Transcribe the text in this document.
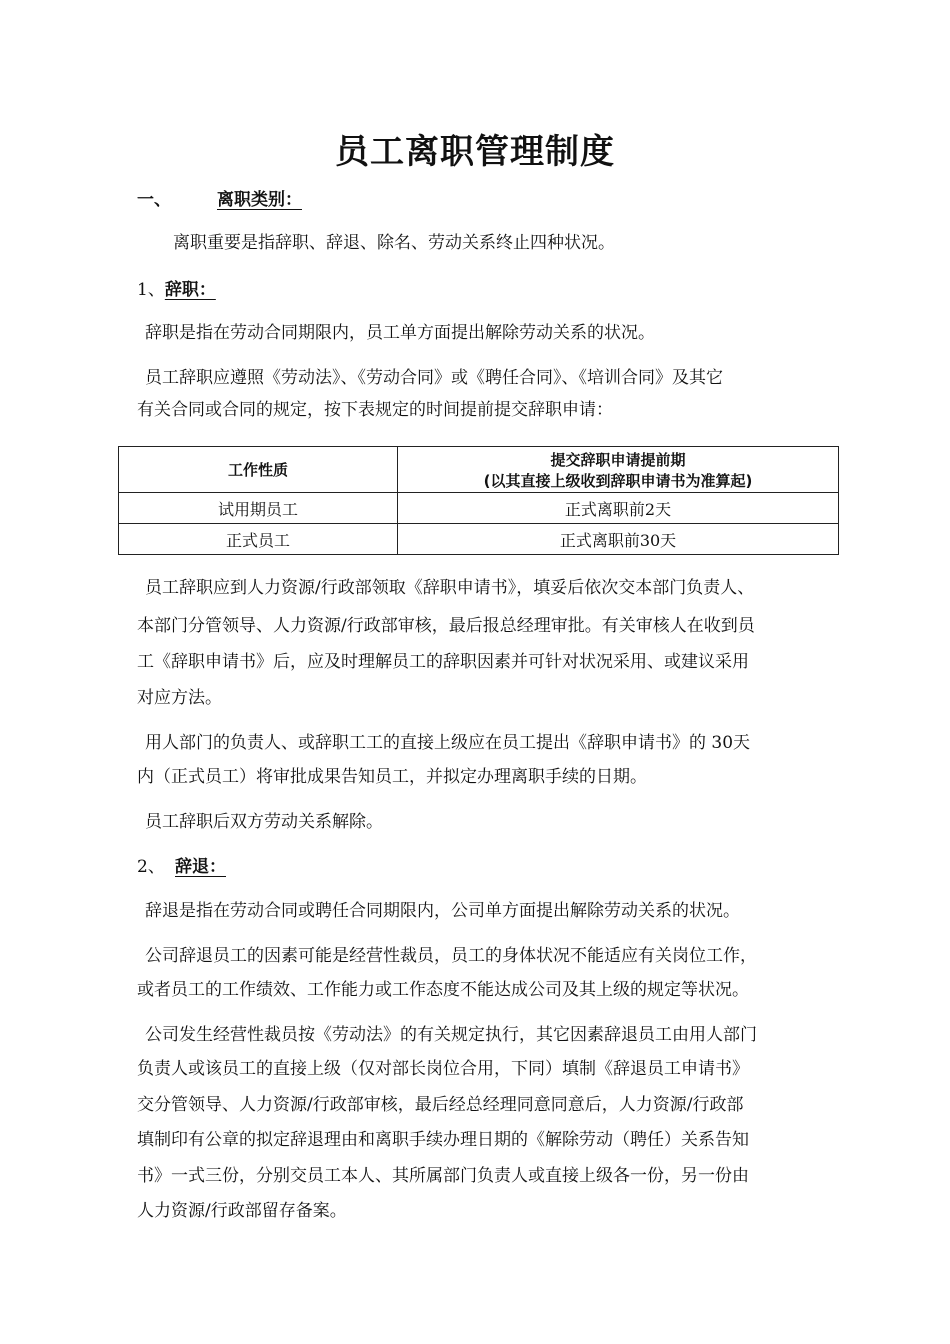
员工离职管理制度
一、	离职类别：
离职重要是指辞职、辞退、除名、劳动关系终止四种状况。
1、辞职：
辞职是指在劳动合同期限内，员工单方面提出解除劳动关系的状况。
员工辞职应遵照《劳动法》、《劳动合同》或《聘任合同》、《培训合同》及其它
有关合同或合同的规定，按下表规定的时间提前提交辞职申请：
工作性质	提交辞职申请提前期
(以其直接上级收到辞职申请书为准算起)

试用期员工	正式离职前2天
正式员工	正式离职前30天
员工辞职应到人力资源/行政部领取《辞职申请书》，填妥后依次交本部门负责人、
本部门分管领导、人力资源/行政部审核，最后报总经理审批。有关审核人在收到员
工《辞职申请书》后，应及时理解员工的辞职因素并可针对状况采用、或建议采用
对应方法。
用人部门的负责人、或辞职工工的直接上级应在员工提出《辞职申请书》的 30天
内（正式员工）将审批成果告知员工，并拟定办理离职手续的日期。
员工辞职后双方劳动关系解除。
2、 辞退：
辞退是指在劳动合同或聘任合同期限内，公司单方面提出解除劳动关系的状况。
公司辞退员工的因素可能是经营性裁员，员工的身体状况不能适应有关岗位工作，
或者员工的工作绩效、工作能力或工作态度不能达成公司及其上级的规定等状况。
公司发生经营性裁员按《劳动法》的有关规定执行，其它因素辞退员工由用人部门
负责人或该员工的直接上级（仅对部长岗位合用，下同）填制《辞退员工申请书》
交分管领导、人力资源/行政部审核，最后经总经理同意同意后，人力资源/行政部
填制印有公章的拟定辞退理由和离职手续办理日期的《解除劳动（聘任）关系告知
书》一式三份，分别交员工本人、其所属部门负责人或直接上级各一份，另一份由
人力资源/行政部留存备案。
